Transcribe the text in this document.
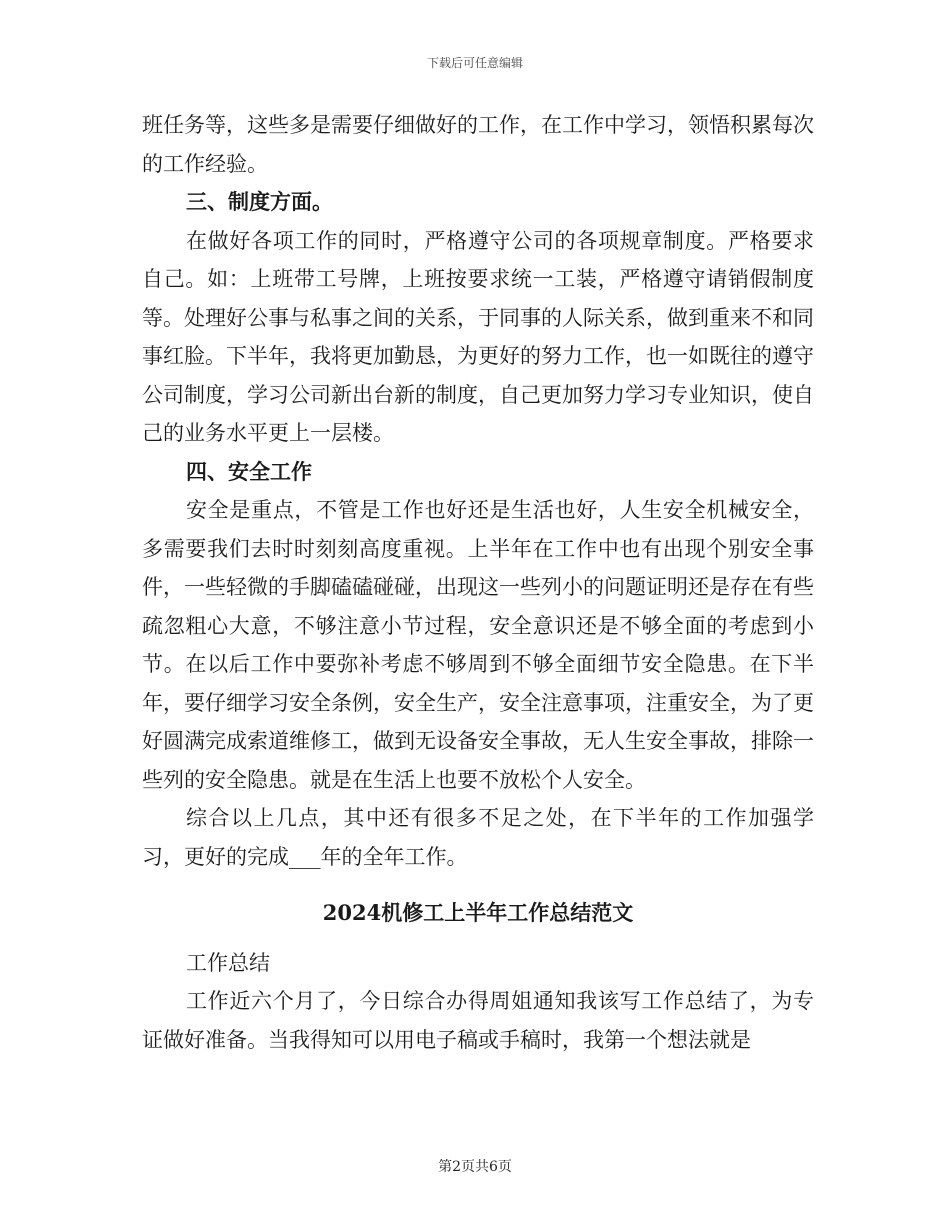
下载后可任意编辑

班任务等，这些多是需要仔细做好的工作，在工作中学习，领悟积累每次的工作经验。

三、制度方面。

在做好各项工作的同时，严格遵守公司的各项规章制度。严格要求自己。如：上班带工号牌，上班按要求统一工装，严格遵守请销假制度等。处理好公事与私事之间的关系，于同事的人际关系，做到重来不和同事红脸。下半年，我将更加勤恳，为更好的努力工作，也一如既往的遵守公司制度，学习公司新出台新的制度，自己更加努力学习专业知识，使自己的业务水平更上一层楼。

四、安全工作

安全是重点，不管是工作也好还是生活也好，人生安全机械安全，多需要我们去时时刻刻高度重视。上半年在工作中也有出现个别安全事件，一些轻微的手脚磕磕碰碰，出现这一些列小的问题证明还是存在有些疏忽粗心大意，不够注意小节过程，安全意识还是不够全面的考虑到小节。在以后工作中要弥补考虑不够周到不够全面细节安全隐患。在下半年，要仔细学习安全条例，安全生产，安全注意事项，注重安全，为了更好圆满完成索道维修工，做到无设备安全事故，无人生安全事故，排除一些列的安全隐患。就是在生活上也要不放松个人安全。

综合以上几点，其中还有很多不足之处，在下半年的工作加强学习，更好的完成___年的全年工作。

2024机修工上半年工作总结范文

工作总结

工作近六个月了，今日综合办得周姐通知我该写工作总结了，为专证做好准备。当我得知可以用电子稿或手稿时，我第一个想法就是

第2页共6页
